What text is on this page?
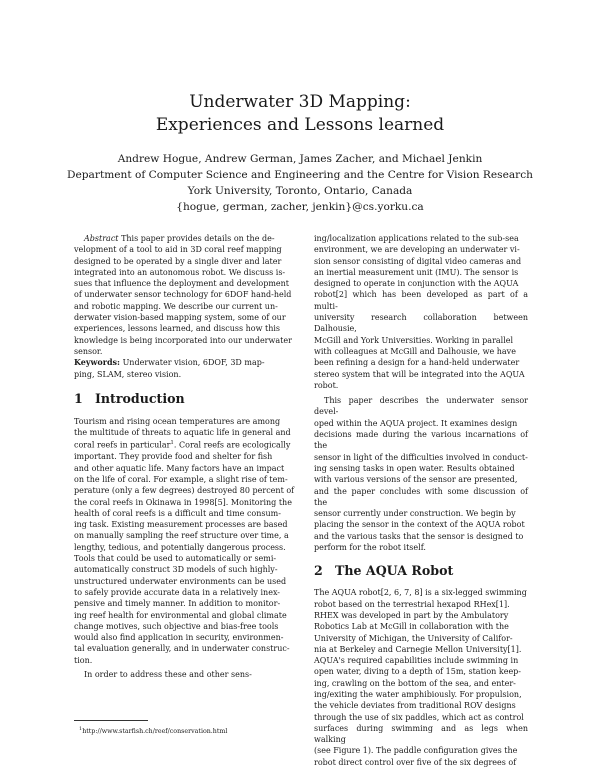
Underwater 3D Mapping:
Experiences and Lessons learned
Andrew Hogue, Andrew German, James Zacher, and Michael Jenkin
Department of Computer Science and Engineering and the Centre for Vision Research
York University, Toronto, Ontario, Canada
{hogue, german, zacher, jenkin}@cs.yorku.ca

Abstract This paper provides details on the de-

velopment of a tool to aid in 3D coral reef mapping

designed to be operated by a single diver and later

integrated into an autonomous robot. We discuss is-

sues that influence the deployment and development

of underwater sensor technology for 6DOF hand-held

and robotic mapping. We describe our current un-

derwater vision-based mapping system, some of our

experiences, lessons learned, and discuss how this

knowledge is being incorporated into our underwater

sensor.

Keywords: Underwater vision, 6DOF, 3D map-

ping, SLAM, stereo vision.

1 Introduction

Tourism and rising ocean temperatures are among

the multitude of threats to aquatic life in general and

coral reefs in particular$^1$. Coral reefs are ecologically

important. They provide food and shelter for fish

and other aquatic life. Many factors have an impact

on the life of coral. For example, a slight rise of tem-

perature (only a few degrees) destroyed 80 percent of

the coral reefs in Okinawa in 1998[5]. Monitoring the

health of coral reefs is a difficult and time consum-

ing task. Existing measurement processes are based

on manually sampling the reef structure over time, a

lengthy, tedious, and potentially dangerous process.

Tools that could be used to automatically or semi-

automatically construct 3D models of such highly-

unstructured underwater environments can be used

to safely provide accurate data in a relatively inex-

pensive and timely manner. In addition to monitor-

ing reef health for environmental and global climate

change motives, such objective and bias-free tools

would also find application in security, environmen-

tal evaluation generally, and in underwater construc-

tion.

In order to address these and other sens-

ing/localization applications related to the sub-sea

environment, we are developing an underwater vi-

sion sensor consisting of digital video cameras and

an inertial measurement unit (IMU). The sensor is

designed to operate in conjunction with the AQUA

robot[2] which has been developed as part of a multi-

university research collaboration between Dalhousie,

McGill and York Universities. Working in parallel

with colleagues at McGill and Dalhousie, we have

been refining a design for a hand-held underwater

stereo system that will be integrated into the AQUA

robot.

This paper describes the underwater sensor devel-

oped within the AQUA project. It examines design

decisions made during the various incarnations of the

sensor in light of the difficulties involved in conduct-

ing sensing tasks in open water. Results obtained

with various versions of the sensor are presented,

and the paper concludes with some discussion of the

sensor currently under construction. We begin by

placing the sensor in the context of the AQUA robot

and the various tasks that the sensor is designed to

perform for the robot itself.

2 The AQUA Robot

The AQUA robot[2, 6, 7, 8] is a six-legged swimming

robot based on the terrestrial hexapod RHex[1].

RHEX was developed in part by the Ambulatory

Robotics Lab at McGill in collaboration with the

University of Michigan, the University of Califor-

nia at Berkeley and Carnegie Mellon University[1].

AQUA's required capabilities include swimming in

open water, diving to a depth of 15m, station keep-

ing, crawling on the bottom of the sea, and enter-

ing/exiting the water amphibiously. For propulsion,

the vehicle deviates from traditional ROV designs

through the use of six paddles, which act as control

surfaces during swimming and as legs when walking

(see Figure 1). The paddle configuration gives the

robot direct control over five of the six degrees of

$^1$http://www.starfish.ch/reef/conservation.html
